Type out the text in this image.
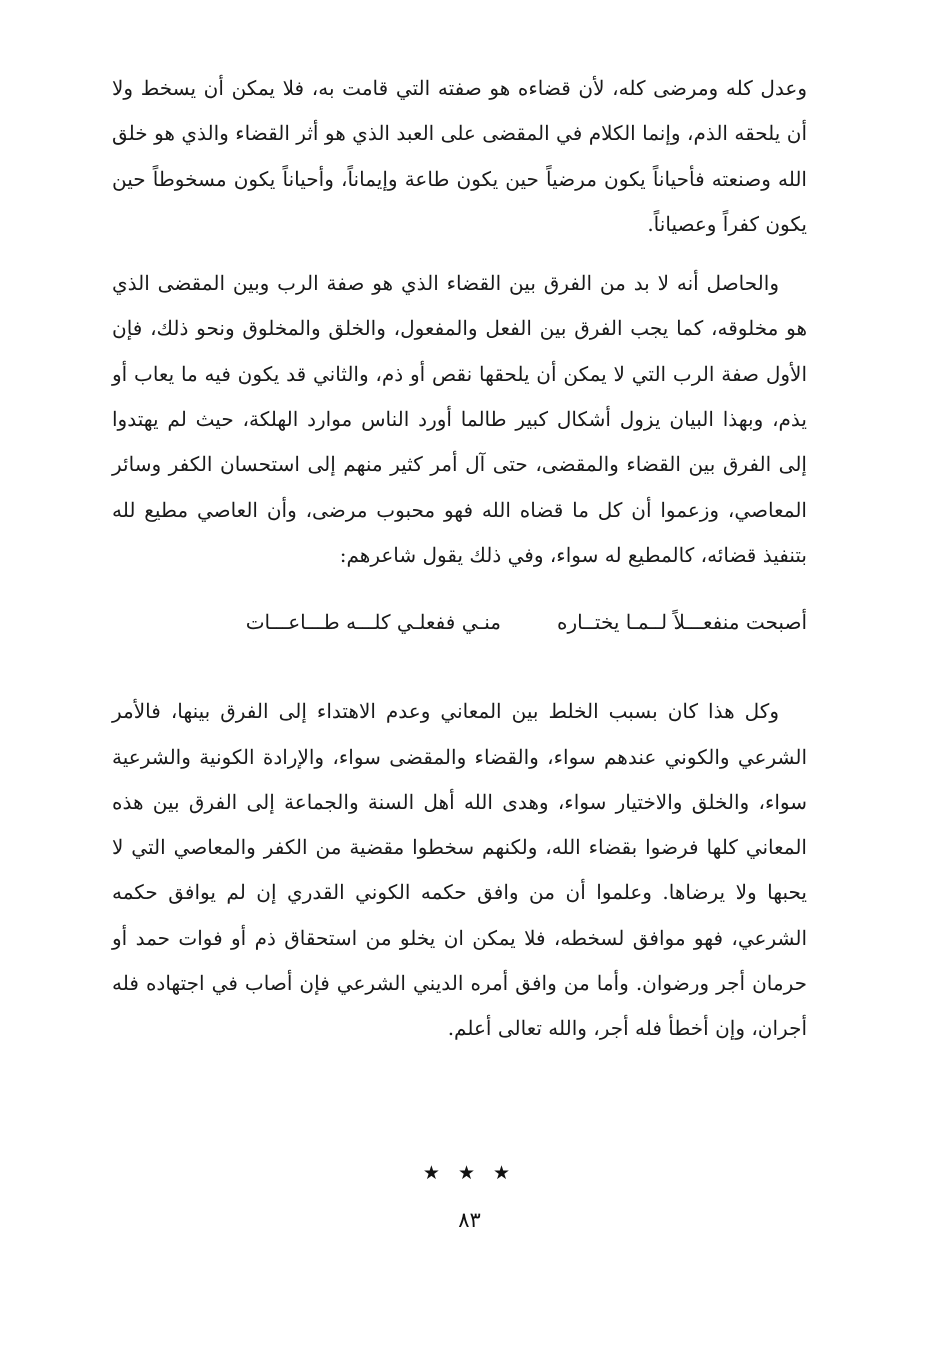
وعدل كله ومرضى كله، لأن قضاءه هو صفته التي قامت به، فلا يمكن أن يسخط ولا أن يلحقه الذم، وإنما الكلام في المقضى على العبد الذي هو أثر القضاء والذي هو خلق الله وصنعته فأحياناً يكون مرضياً حين يكون طاعة وإيماناً، وأحياناً يكون مسخوطاً حين يكون كفراً وعصياناً.

والحاصل أنه لا بد من الفرق بين القضاء الذي هو صفة الرب وبين المقضى الذي هو مخلوقه، كما يجب الفرق بين الفعل والمفعول، والخلق والمخلوق ونحو ذلك، فإن الأول صفة الرب التي لا يمكن أن يلحقها نقص أو ذم، والثاني قد يكون فيه ما يعاب أو يذم، وبهذا البيان يزول أشكال كبير طالما أورد الناس موارد الهلكة، حيث لم يهتدوا إلى الفرق بين القضاء والمقضى، حتى آل أمر كثير منهم إلى استحسان الكفر وسائر المعاصي، وزعموا أن كل ما قضاه الله فهو محبوب مرضى، وأن العاصي مطيع لله بتنفيذ قضائه، كالمطيع له سواء، وفي ذلك يقول شاعرهم:

أصبحت منفعـــلاً لــمـا يختــاره
منـي ففعلـي كلـــه طـــاعـــات

وكل هذا كان بسبب الخلط بين المعاني وعدم الاهتداء إلى الفرق بينها، فالأمر الشرعي والكوني عندهم سواء، والقضاء والمقضى سواء، والإرادة الكونية والشرعية سواء، والخلق والاختيار سواء، وهدى الله أهل السنة والجماعة إلى الفرق بين هذه المعاني كلها فرضوا بقضاء الله، ولكنهم سخطوا مقضية من الكفر والمعاصي التي لا يحبها ولا يرضاها. وعلموا أن من وافق حكمه الكوني القدري إن لم يوافق حكمه الشرعي، فهو موافق لسخطه، فلا يمكن ان يخلو من استحقاق ذم أو فوات حمد أو حرمان أجر ورضوان. وأما من وافق أمره الديني الشرعي فإن أصاب في اجتهاده فله أجران، وإن أخطأ فله أجر، والله تعالى أعلم.

★ ★ ★
٨٣
